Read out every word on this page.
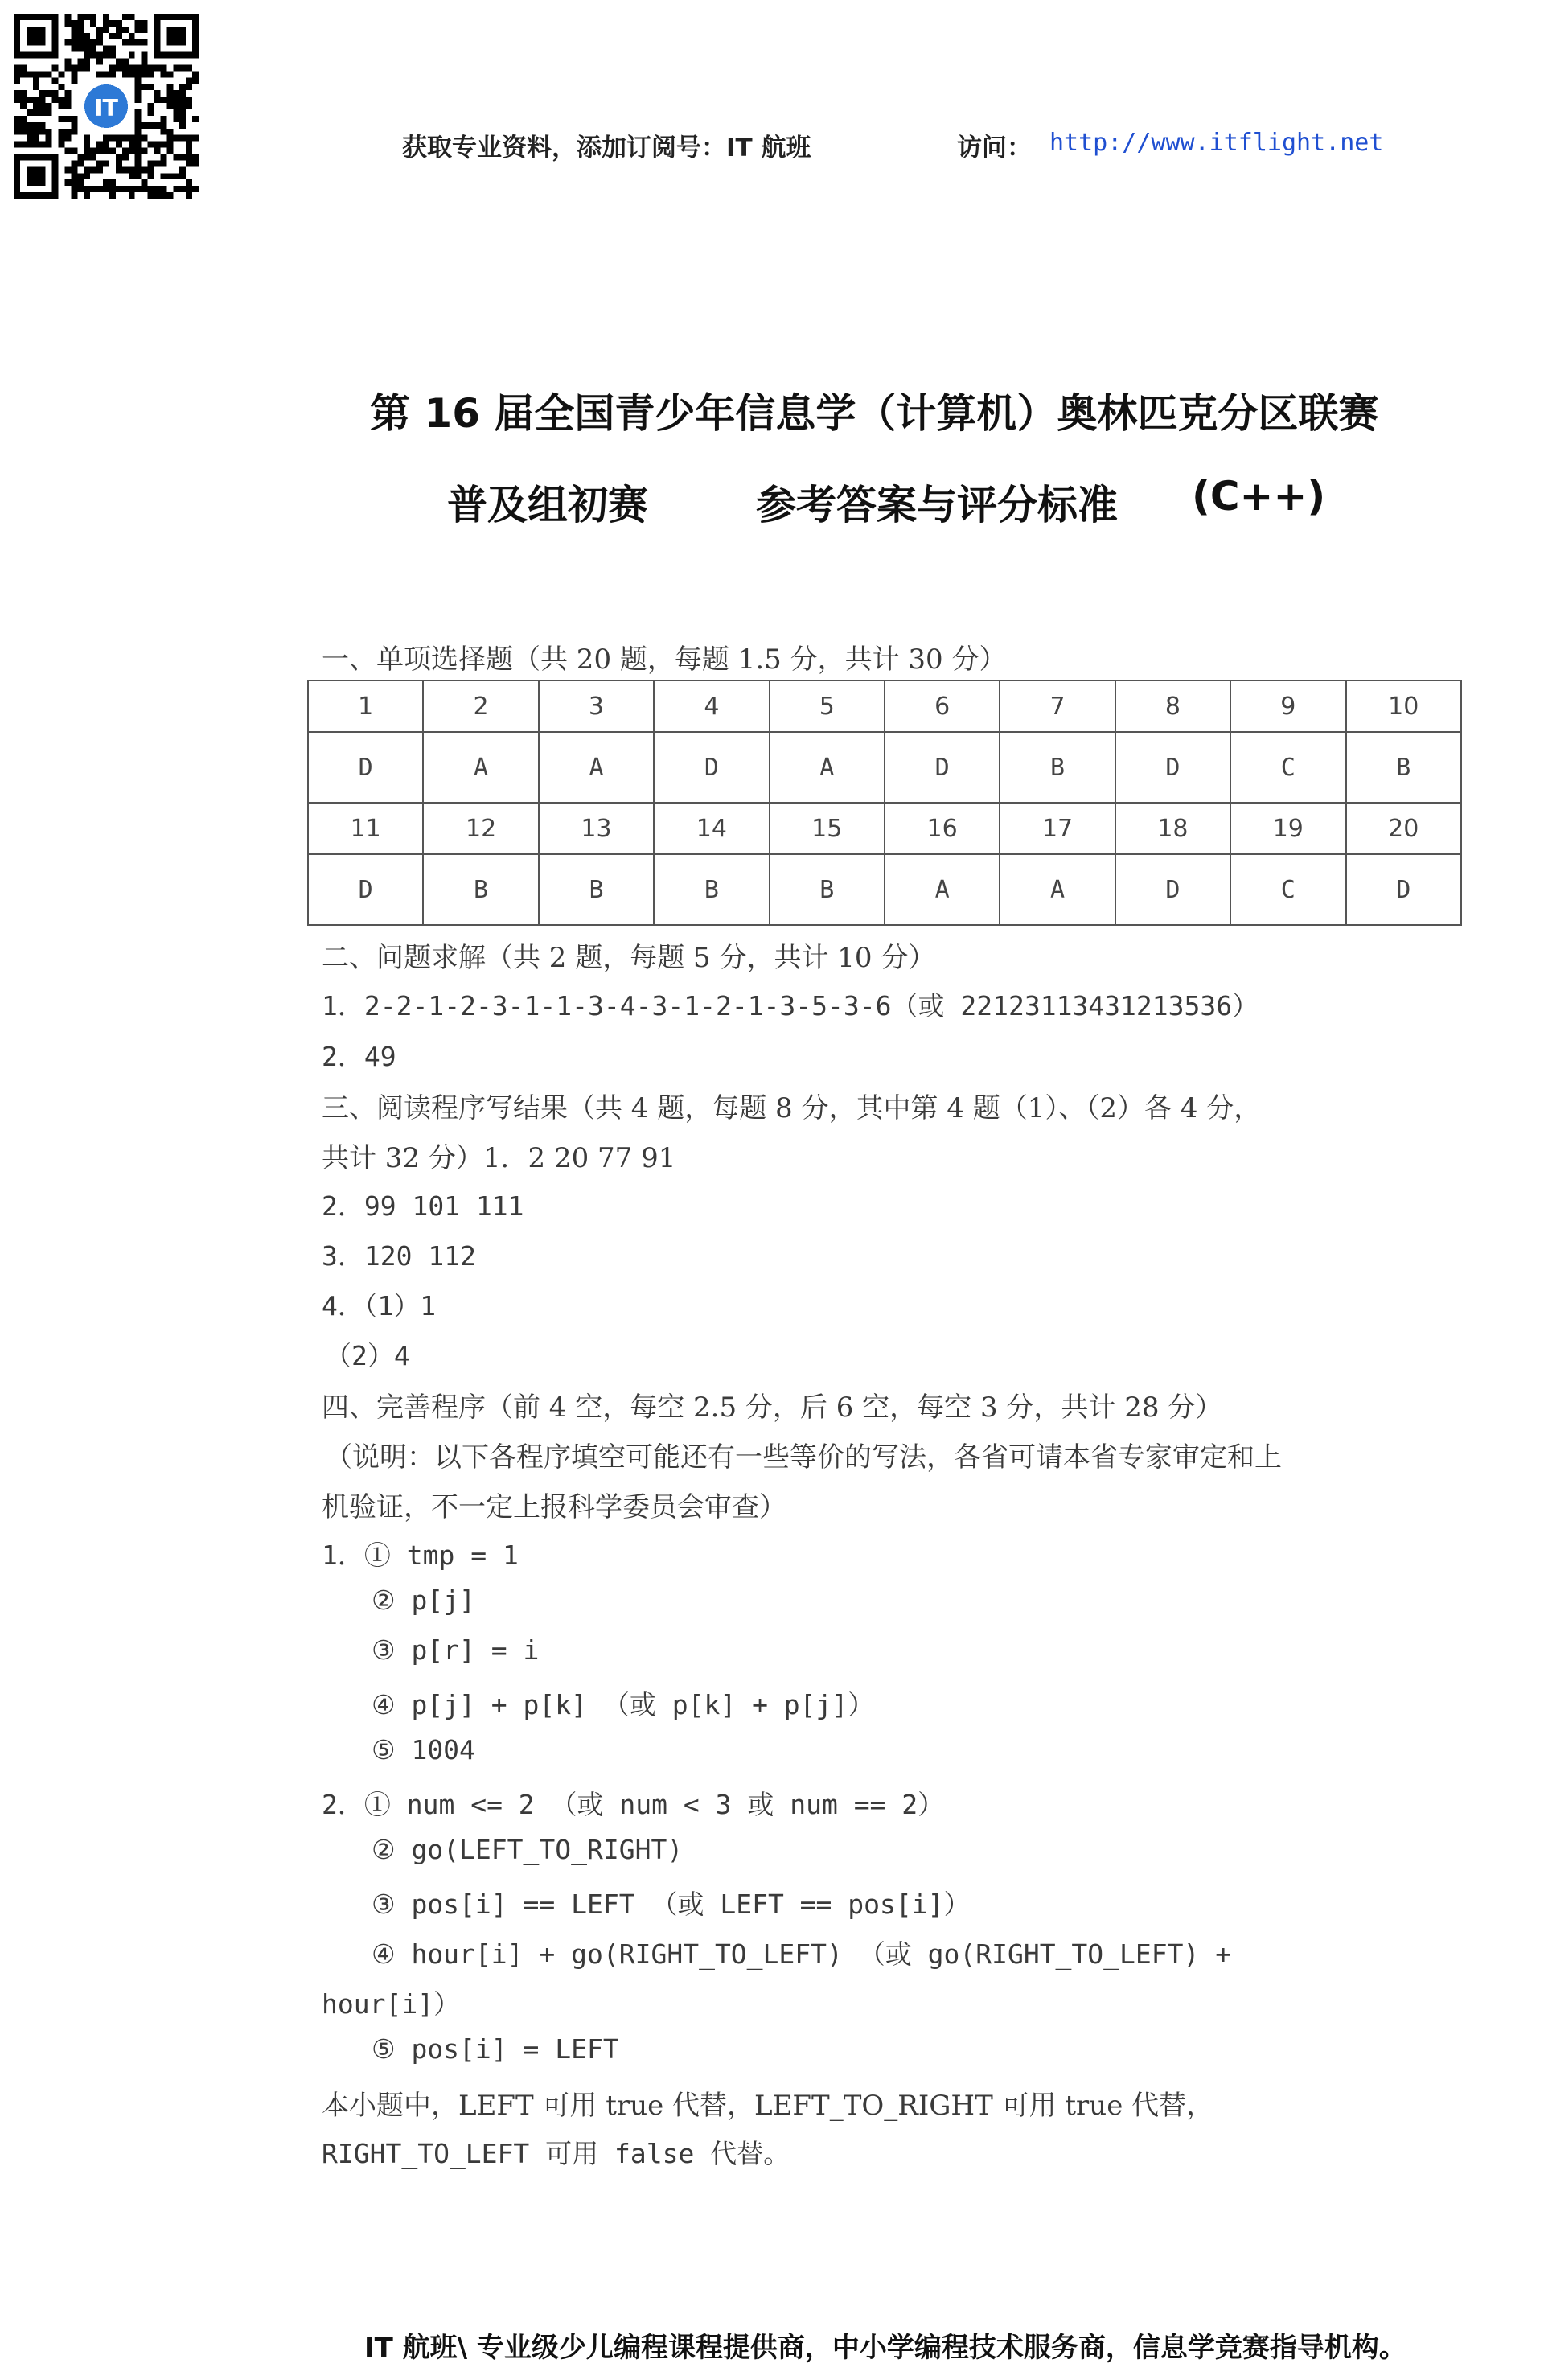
IT
获取专业资料，添加订阅号：IT 航班	访问： http://www.itflight.net
第 16 届全国青少年信息学（计算机）奥林匹克分区联赛
普及组初赛	参考答案与评分标准 (C++)
一、单项选择题（共 20 题，每题 1.5 分，共计 30 分）
1	2	3	4	5	6	7	8	9	10
D	A	A	D	A	D	B	D	C	B
11	12	13	14	15	16	17	18	19	20
D	B	B	B	B	A	A	D	C	D
二、问题求解（共 2 题，每题 5 分，共计 10 分）
1．2-2-1-2-3-1-1-3-4-3-1-2-1-3-5-3-6（或 22123113431213536）
2．49
三、阅读程序写结果（共 4 题，每题 8 分，其中第 4 题（1）、（2）各 4 分，
共计 32 分）1．2 20 77 91
2．99 101 111
3．120 112
4．（1）1
（2）4
四、完善程序（前 4 空，每空 2.5 分，后 6 空，每空 3 分，共计 28 分）
（说明：以下各程序填空可能还有一些等价的写法，各省可请本省专家审定和上
机验证，不一定上报科学委员会审查）
1．① tmp = 1
② p[j]
③ p[r] = i
④ p[j] + p[k] （或 p[k] + p[j]）
⑤ 1004
2．① num <= 2 （或 num < 3 或 num == 2）
② go(LEFT_TO_RIGHT)
③ pos[i] == LEFT （或 LEFT == pos[i]）
④ hour[i] + go(RIGHT_TO_LEFT) （或 go(RIGHT_TO_LEFT) +
hour[i]）
⑤ pos[i] = LEFT
本小题中，LEFT 可用 true 代替，LEFT_TO_RIGHT 可用 true 代替，
RIGHT_TO_LEFT 可用 false 代替。
IT 航班\ 专业级少儿编程课程提供商，中小学编程技术服务商，信息学竞赛指导机构。
